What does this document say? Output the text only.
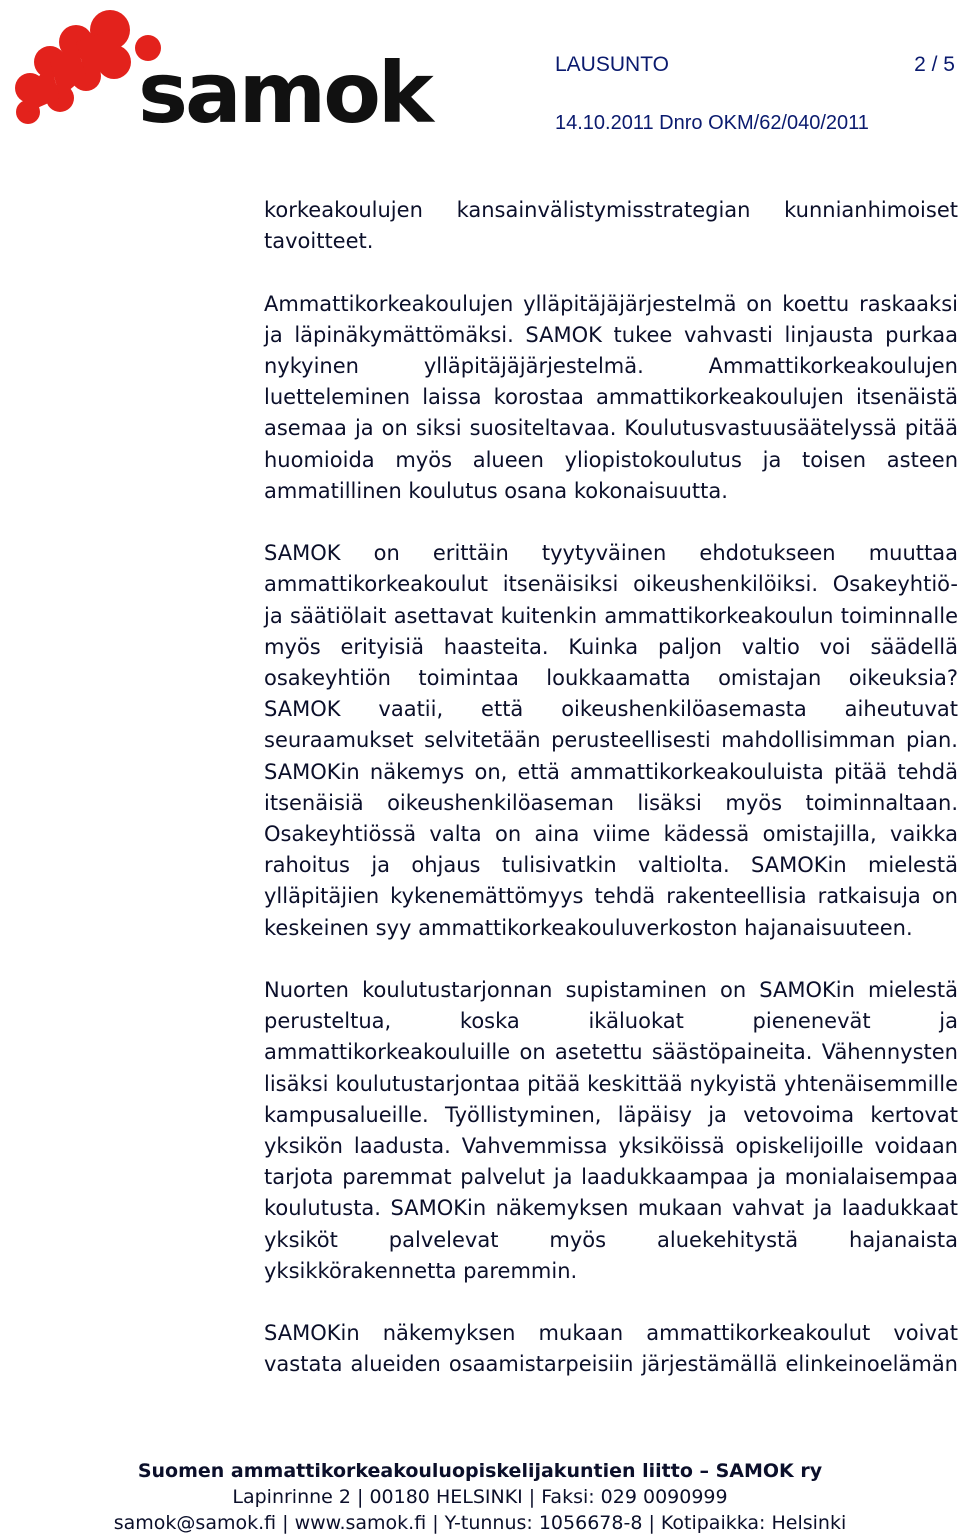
samok	LAUSUNTO	2 / 5
14.10.2011 Dnro OKM/62/040/2011

korkeakoulujen kansainvälistymisstrategian kunnianhimoiset tavoitteet.

Ammattikorkeakoulujen ylläpitäjäjärjestelmä on koettu raskaaksi ja läpinäkymättömäksi. SAMOK tukee vahvasti linjausta purkaa nykyinen ylläpitäjäjärjestelmä. Ammattikorkeakoulujen luetteleminen laissa korostaa ammattikorkeakoulujen itsenäistä asemaa ja on siksi suositeltavaa. Koulutusvastuusäätelyssä pitää huomioida myös alueen yliopistokoulutus ja toisen asteen ammatillinen koulutus osana kokonaisuutta.

SAMOK on erittäin tyytyväinen ehdotukseen muuttaa ammattikorkeakoulut itsenäisiksi oikeushenkilöiksi. Osakeyhtiö- ja säätiölait asettavat kuitenkin ammattikorkeakoulun toiminnalle myös erityisiä haasteita. Kuinka paljon valtio voi säädellä osakeyhtiön toimintaa loukkaamatta omistajan oikeuksia? SAMOK vaatii, että oikeushenkilöasemasta aiheutuvat seuraamukset selvitetään perusteellisesti mahdollisimman pian. SAMOKin näkemys on, että ammattikorkeakouluista pitää tehdä itsenäisiä oikeushenkilöaseman lisäksi myös toiminnaltaan. Osakeyhtiössä valta on aina viime kädessä omistajilla, vaikka rahoitus ja ohjaus tulisivatkin valtiolta. SAMOKin mielestä ylläpitäjien kykenemättömyys tehdä rakenteellisia ratkaisuja on keskeinen syy ammattikorkeakouluverkoston hajanaisuuteen.

Nuorten koulutustarjonnan supistaminen on SAMOKin mielestä perusteltua, koska ikäluokat pienenevät ja ammattikorkeakouluille on asetettu säästöpaineita. Vähennysten lisäksi koulutustarjontaa pitää keskittää nykyistä yhtenäisemmille kampusalueille. Työllistyminen, läpäisy ja vetovoima kertovat yksikön laadusta. Vahvemmissa yksiköissä opiskelijoille voidaan tarjota paremmat palvelut ja laadukkaampaa ja monialaisempaa koulutusta. SAMOKin näkemyksen mukaan vahvat ja laadukkaat yksiköt palvelevat myös aluekehitystä hajanaista yksikkörakennetta paremmin.

SAMOKin näkemyksen mukaan ammattikorkeakoulut voivat vastata alueiden osaamistarpeisiin järjestämällä elinkeinoelämän

Suomen ammattikorkeakouluopiskelijakuntien liitto – SAMOK ry
Lapinrinne 2 | 00180 HELSINKI | Faksi: 029 0090999
samok@samok.fi | www.samok.fi | Y-tunnus: 1056678-8 | Kotipaikka: Helsinki
